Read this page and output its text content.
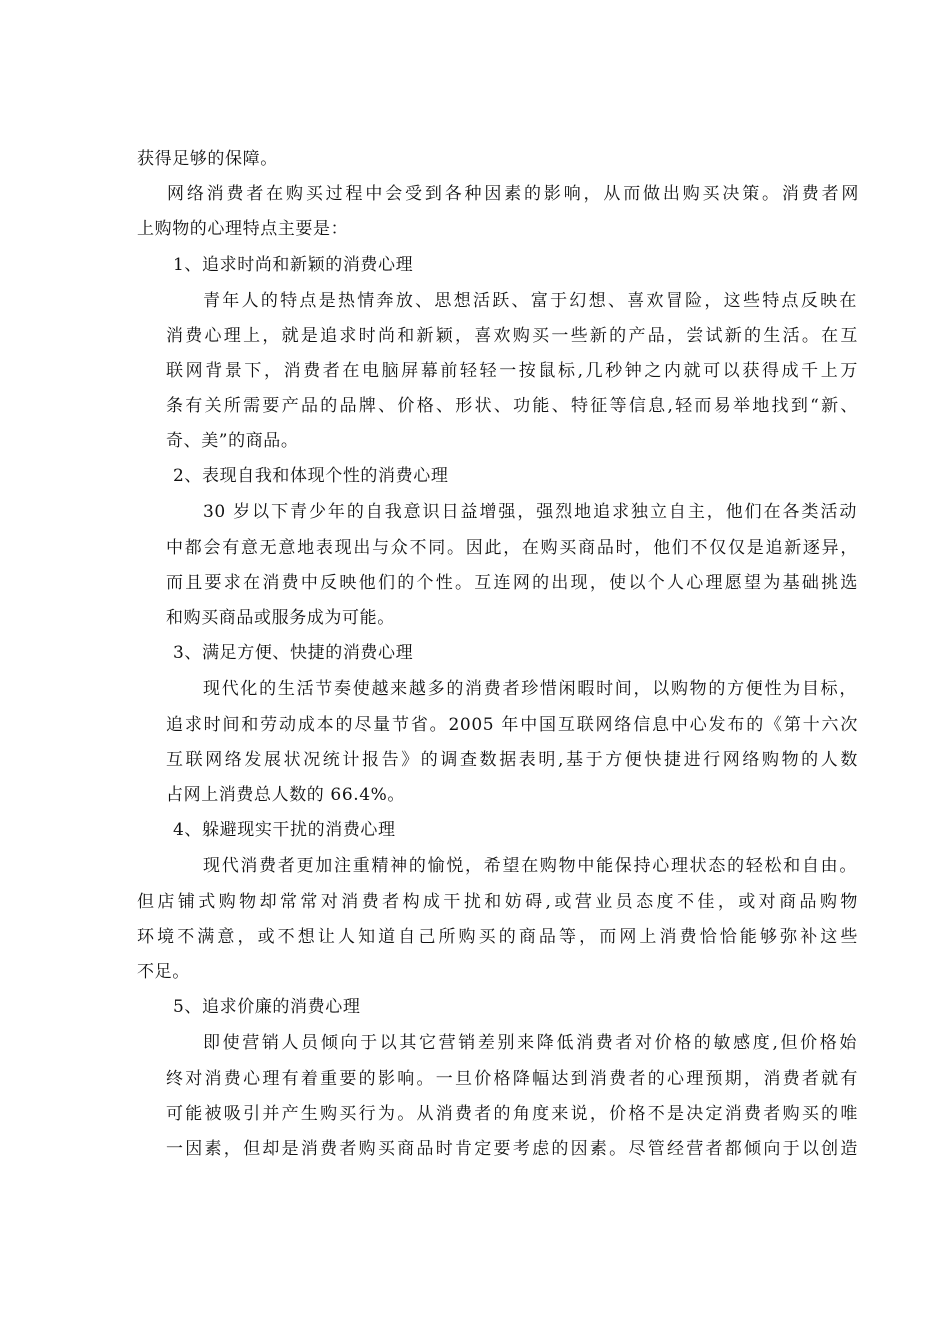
获得足够的保障。
网络消费者在购买过程中会受到各种因素的影响，从而做出购买决策。消费者网
上购物的心理特点主要是：
1、追求时尚和新颖的消费心理
青年人的特点是热情奔放、思想活跃、富于幻想、喜欢冒险，这些特点反映在
消费心理上，就是追求时尚和新颖，喜欢购买一些新的产品，尝试新的生活。在互
联网背景下，消费者在电脑屏幕前轻轻一按鼠标,几秒钟之内就可以获得成千上万
条有关所需要产品的品牌、价格、形状、功能、特征等信息,轻而易举地找到“新、
奇、美”的商品。
2、表现自我和体现个性的消费心理
30 岁以下青少年的自我意识日益增强，强烈地追求独立自主，他们在各类活动
中都会有意无意地表现出与众不同。因此，在购买商品时，他们不仅仅是追新逐异，
而且要求在消费中反映他们的个性。互连网的出现，使以个人心理愿望为基础挑选
和购买商品或服务成为可能。
3、满足方便、快捷的消费心理
现代化的生活节奏使越来越多的消费者珍惜闲暇时间，以购物的方便性为目标，
追求时间和劳动成本的尽量节省。2005 年中国互联网络信息中心发布的《第十六次
互联网络发展状况统计报告》的调查数据表明,基于方便快捷进行网络购物的人数
占网上消费总人数的 66.4%。
4、躲避现实干扰的消费心理
现代消费者更加注重精神的愉悦，希望在购物中能保持心理状态的轻松和自由。
但店铺式购物却常常对消费者构成干扰和妨碍,或营业员态度不佳，或对商品购物
环境不满意，或不想让人知道自己所购买的商品等，而网上消费恰恰能够弥补这些
不足。
5、追求价廉的消费心理
即使营销人员倾向于以其它营销差别来降低消费者对价格的敏感度,但价格始
终对消费心理有着重要的影响。一旦价格降幅达到消费者的心理预期，消费者就有
可能被吸引并产生购买行为。从消费者的角度来说，价格不是决定消费者购买的唯
一因素，但却是消费者购买商品时肯定要考虑的因素。尽管经营者都倾向于以创造
